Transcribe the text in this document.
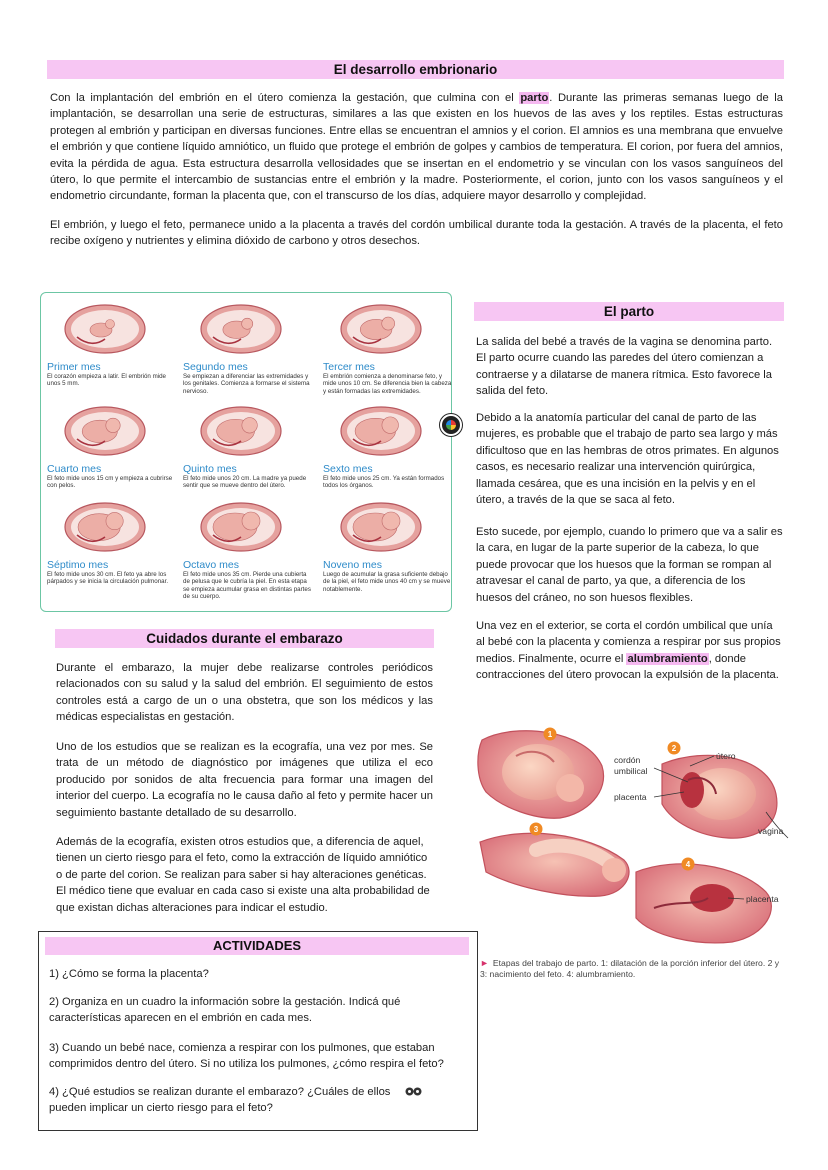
El desarrollo embrionario
Con la implantación del embrión en el útero comienza la gestación, que culmina con el parto. Durante las primeras semanas luego de la implantación, se desarrollan una serie de estructuras, similares a las que existen en los huevos de las aves y los reptiles. Estas estructuras protegen al embrión y participan en diversas funciones. Entre ellas se encuentran el amnios y el corion. El amnios es una membrana que envuelve el embrión y que contiene líquido amniótico, un fluido que protege el embrión de golpes y cambios de temperatura. El corion, por fuera del amnios, evita la pérdida de agua. Esta estructura desarrolla vellosidades que se insertan en el endometrio y se vinculan con los vasos sanguíneos del útero, lo que permite el intercambio de sustancias entre el embrión y la madre. Posteriormente, el corion, junto con los vasos sanguíneos y el endometrio circundante, forman la placenta que, con el transcurso de los días, adquiere mayor desarrollo y complejidad.
El embrión, y luego el feto, permanece unido a la placenta a través del cordón umbilical durante toda la gestación. A través de la placenta, el feto recibe oxígeno y nutrientes y elimina dióxido de carbono y otros desechos.
Primer mes
El corazón empieza a latir. El embrión mide unos 5 mm.
Segundo mes
Se empiezan a diferenciar las extremidades y los genitales. Comienza a formarse el sistema nervioso.
Tercer mes
El embrión comienza a denominarse feto, y mide unos 10 cm. Se diferencia bien la cabeza y están formadas las extremidades.
Cuarto mes
El feto mide unos 15 cm y empieza a cubrirse con pelos.
Quinto mes
El feto mide unos 20 cm. La madre ya puede sentir que se mueve dentro del útero.
Sexto mes
El feto mide unos 25 cm. Ya están formados todos los órganos.
Séptimo mes
El feto mide unos 30 cm. El feto ya abre los párpados y se inicia la circulación pulmonar.
Octavo mes
El feto mide unos 35 cm. Pierde una cubierta de pelusa que le cubría la piel. En esta etapa se empieza acumular grasa en distintas partes de su cuerpo.
Noveno mes
Luego de acumular la grasa suficiente debajo de la piel, el feto mide unos 40 cm y se mueve notablemente.
El parto
La salida del bebé a través de la vagina se denomina parto. El parto ocurre cuando las paredes del útero comienzan a contraerse y a dilatarse de manera rítmica. Esto favorece la salida del feto.
Debido a la anatomía particular del canal de parto de las mujeres, es probable que el trabajo de parto sea largo y más dificultoso que en las hembras de otros primates. En algunos casos, es necesario realizar una intervención quirúrgica, llamada cesárea, que es una incisión en la pelvis y en el útero, a través de la que se saca al feto.
Esto sucede, por ejemplo, cuando lo primero que va a salir es la cara, en lugar de la parte superior de la cabeza, lo que puede provocar que los huesos que la forman se rompan al atravesar el canal de parto, ya que, a diferencia de los huesos del cráneo, no son huesos flexibles.
Una vez en el exterior, se corta el cordón umbilical que unía al bebé con la placenta y comienza a respirar por sus propios medios. Finalmente, ocurre el alumbramiento, donde contracciones del útero provocan la expulsión de la placenta.
Cuidados durante el embarazo
Durante el embarazo, la mujer debe realizarse controles periódicos relacionados con su salud y la salud del embrión. El seguimiento de estos controles está a cargo de un o una obstetra, que son los médicos y las médicas especialistas en gestación.
Uno de los estudios que se realizan es la ecografía, una vez por mes. Se trata de un método de diagnóstico por imágenes que utiliza el eco producido por sonidos de alta frecuencia para formar una imagen del interior del cuerpo. La ecografía no le causa daño al feto y permite hacer un seguimiento bastante detallado de su desarrollo.
Además de la ecografía, existen otros estudios que, a diferencia de aquel, tienen un cierto riesgo para el feto, como la extracción de líquido amniótico o de parte del corion. Se realizan para saber si hay alteraciones genéticas. El médico tiene que evaluar en cada caso si existe una alta probabilidad de que existan dichas alteraciones para indicar el estudio.
ACTIVIDADES
1) ¿Cómo se forma la placenta?
2) Organiza en un cuadro la información sobre la gestación. Indicá qué características aparecen en el embrión en cada mes.
3) Cuando un bebé nace, comienza a respirar con los pulmones, que estaban comprimidos dentro del útero. Si no utiliza los pulmones, ¿cómo respira el feto?
4) ¿Qué estudios se realizan durante el embarazo? ¿Cuáles de ellos pueden implicar un cierto riesgo para el feto?
1
2
3
4
cordón
umbilical
útero
placenta
vagina
placenta
► Etapas del trabajo de parto. 1: dilatación de la porción inferior del útero. 2 y 3: nacimiento del feto. 4: alumbramiento.
